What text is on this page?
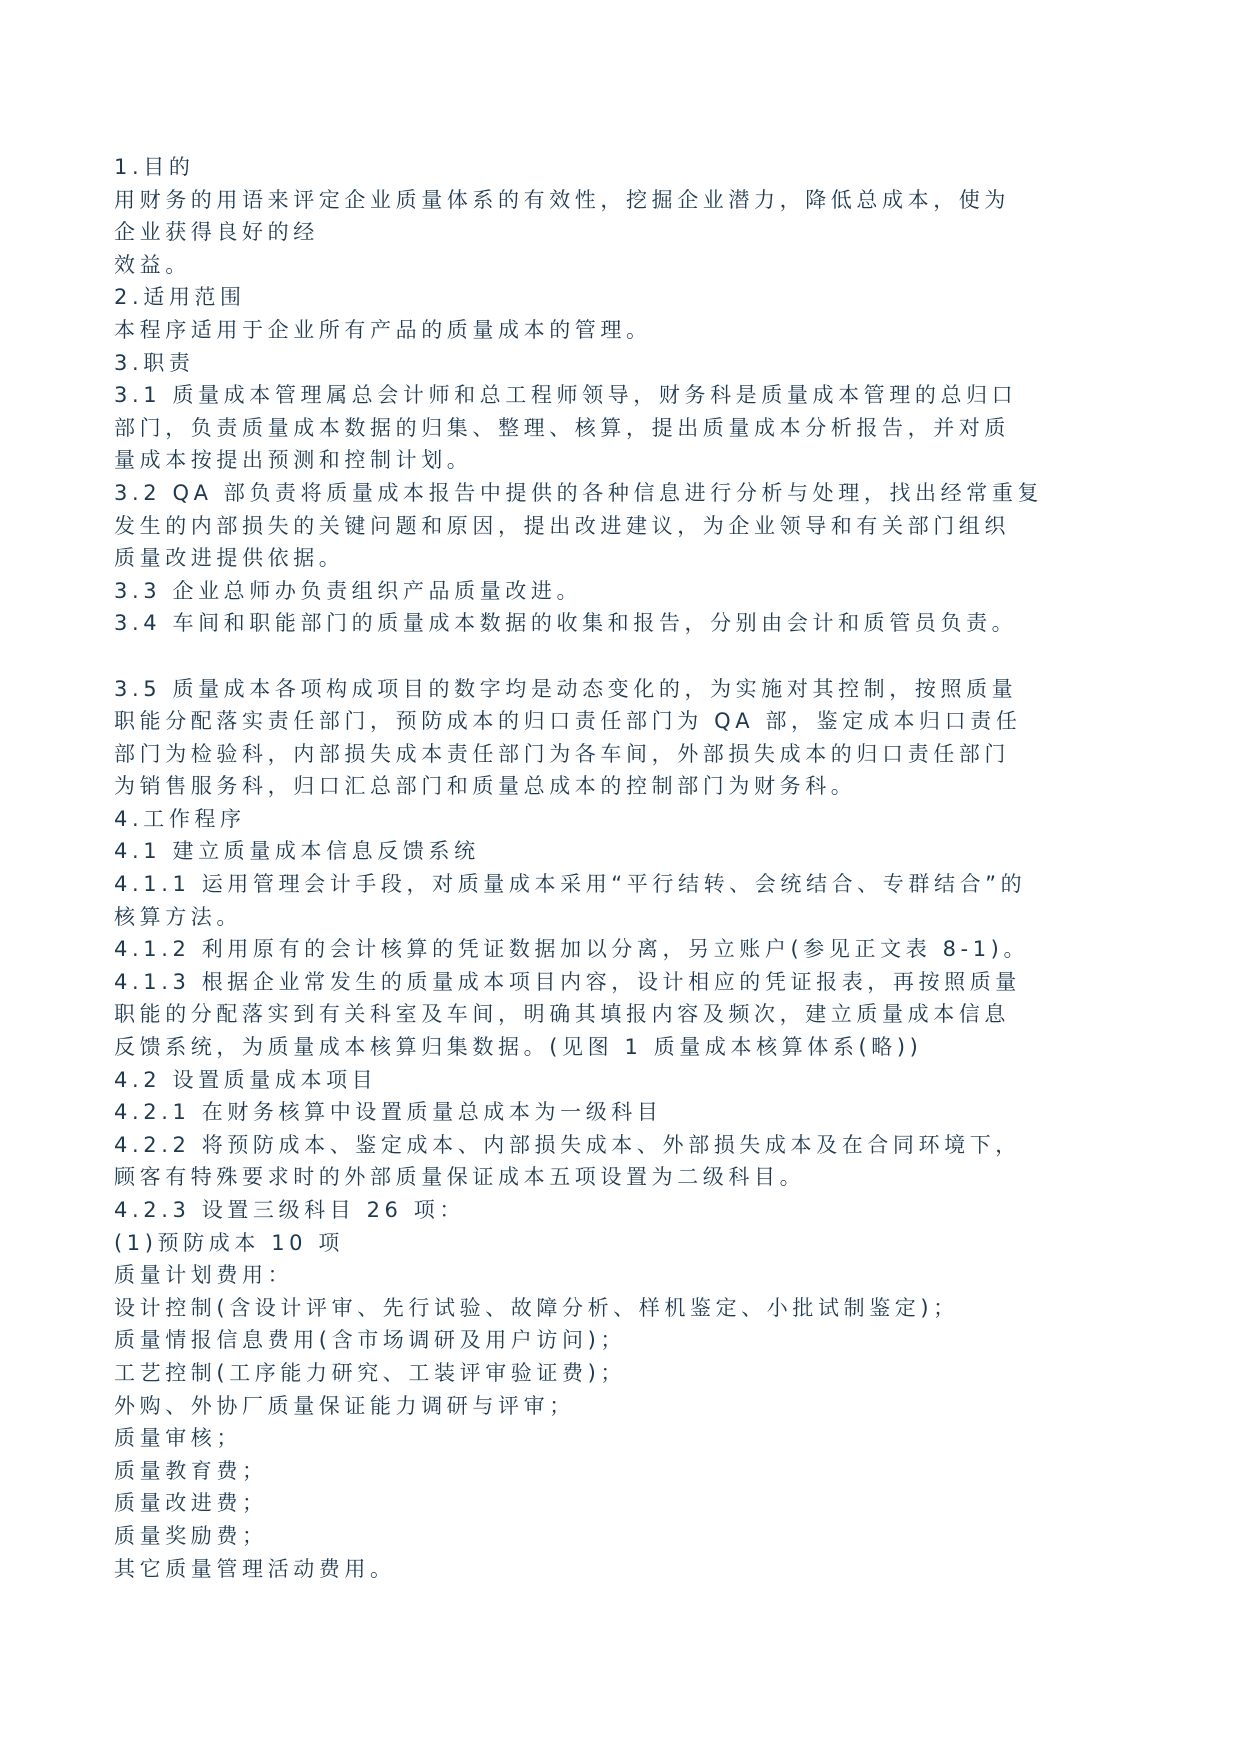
1.目的
用财务的用语来评定企业质量体系的有效性，挖掘企业潜力，降低总成本，使为
企业获得良好的经
效益。
2.适用范围
本程序适用于企业所有产品的质量成本的管理。
3.职责
3.1 质量成本管理属总会计师和总工程师领导，财务科是质量成本管理的总归口
部门，负责质量成本数据的归集、整理、核算，提出质量成本分析报告，并对质
量成本按提出预测和控制计划。
3.2 QA 部负责将质量成本报告中提供的各种信息进行分析与处理，找出经常重复
发生的内部损失的关键问题和原因，提出改进建议，为企业领导和有关部门组织
质量改进提供依据。
3.3 企业总师办负责组织产品质量改进。
3.4 车间和职能部门的质量成本数据的收集和报告，分别由会计和质管员负责。
3.5 质量成本各项构成项目的数字均是动态变化的，为实施对其控制，按照质量
职能分配落实责任部门，预防成本的归口责任部门为 QA 部，鉴定成本归口责任
部门为检验科，内部损失成本责任部门为各车间，外部损失成本的归口责任部门
为销售服务科，归口汇总部门和质量总成本的控制部门为财务科。
4.工作程序
4.1 建立质量成本信息反馈系统
4.1.1 运用管理会计手段，对质量成本采用“平行结转、会统结合、专群结合”的
核算方法。
4.1.2 利用原有的会计核算的凭证数据加以分离，另立账户(参见正文表 8-1)。
4.1.3 根据企业常发生的质量成本项目内容，设计相应的凭证报表，再按照质量
职能的分配落实到有关科室及车间，明确其填报内容及频次，建立质量成本信息
反馈系统，为质量成本核算归集数据。(见图 1 质量成本核算体系(略))
4.2 设置质量成本项目
4.2.1 在财务核算中设置质量总成本为一级科目
4.2.2 将预防成本、鉴定成本、内部损失成本、外部损失成本及在合同环境下，
顾客有特殊要求时的外部质量保证成本五项设置为二级科目。
4.2.3 设置三级科目 26 项：
(1)预防成本 10 项
质量计划费用：
设计控制(含设计评审、先行试验、故障分析、样机鉴定、小批试制鉴定)；
质量情报信息费用(含市场调研及用户访问)；
工艺控制(工序能力研究、工装评审验证费)；
外购、外协厂质量保证能力调研与评审；
质量审核；
质量教育费；
质量改进费；
质量奖励费；
其它质量管理活动费用。
